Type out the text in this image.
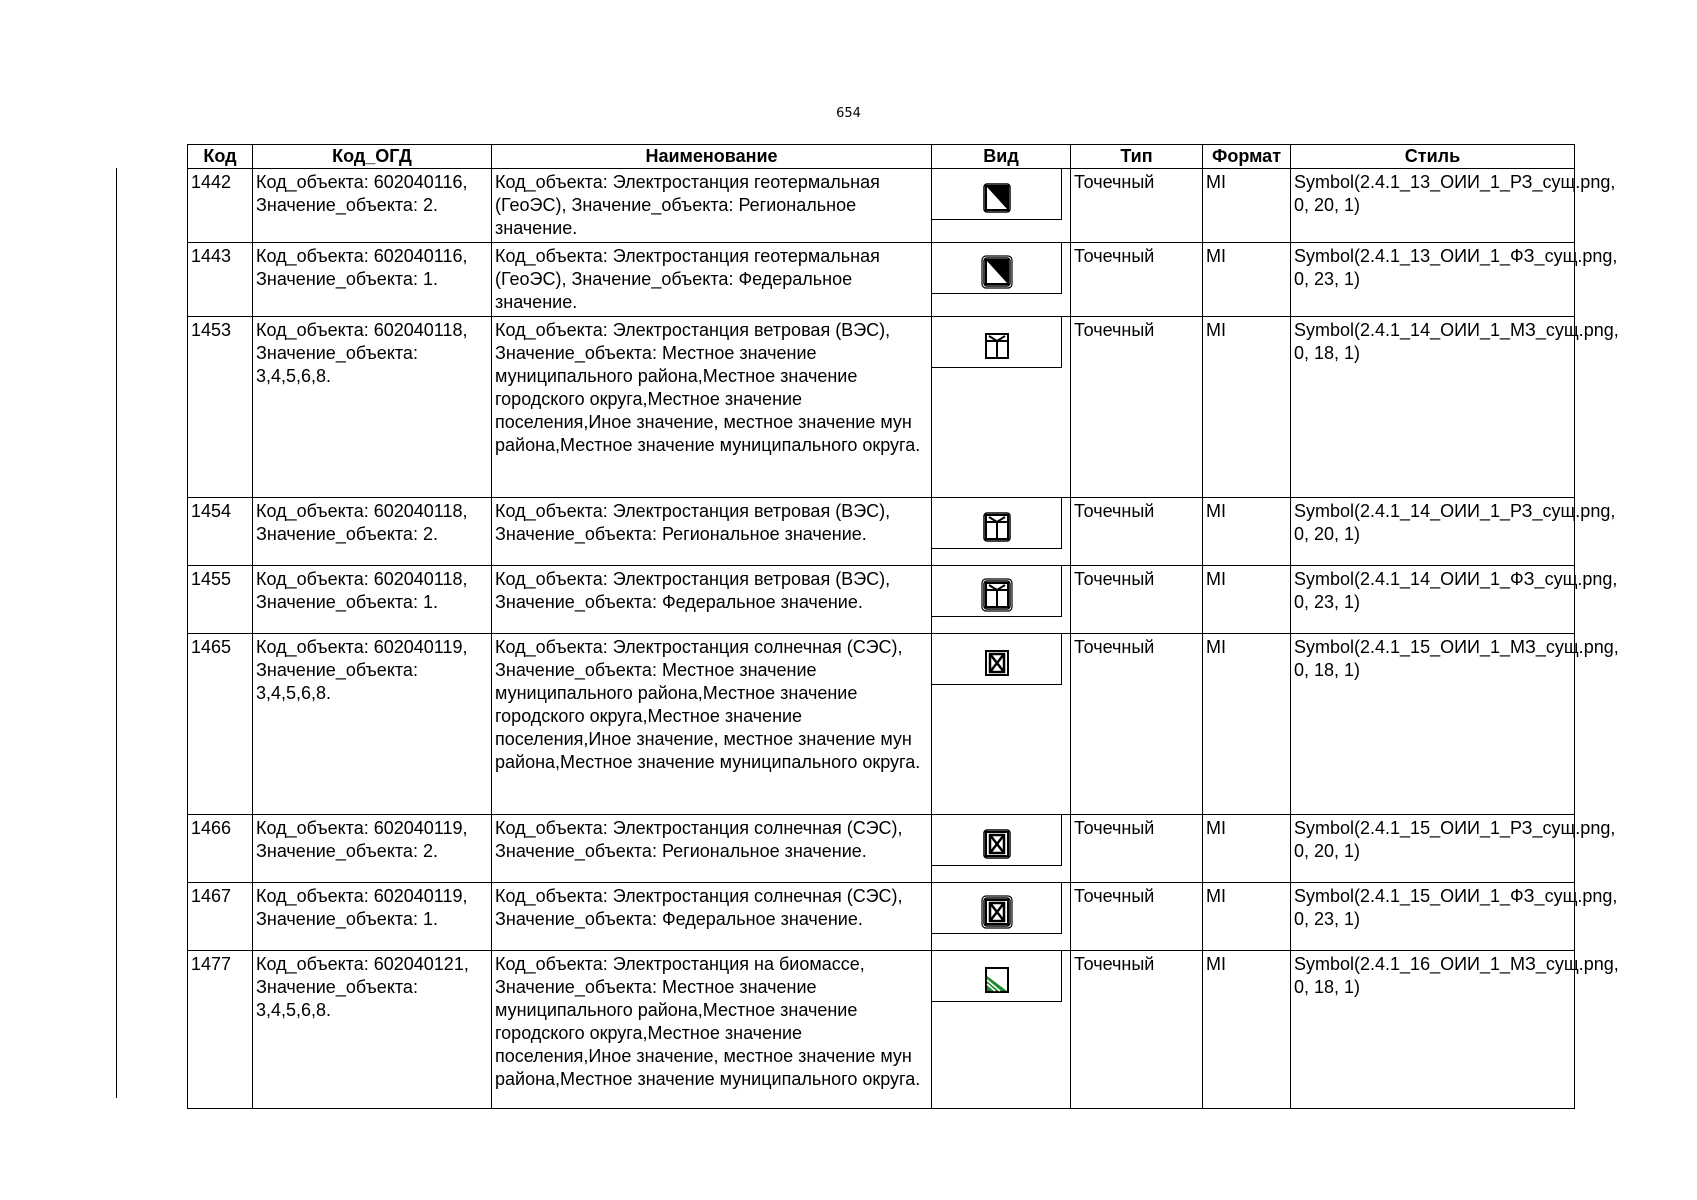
654
Код	Код_ОГД	Наименование	Вид	Тип	Формат	Стиль
1442	Код_объекта: 602040116, Значение_объекта: 2.	Код_объекта: Электростанция геотермальная (ГеоЭС), Значение_объекта: Региональное значение.		Точечный	MI	Symbol(2.4.1_13_ОИИ_1_РЗ_сущ.png, 0, 20, 1)
1443	Код_объекта: 602040116, Значение_объекта: 1.	Код_объекта: Электростанция геотермальная (ГеоЭС), Значение_объекта: Федеральное значение.		Точечный	MI	Symbol(2.4.1_13_ОИИ_1_ФЗ_сущ.png, 0, 23, 1)
1453	Код_объекта: 602040118, Значение_объекта: 3,4,5,6,8.	Код_объекта: Электростанция ветровая (ВЭС), Значение_объекта: Местное значение муниципального района,Местное значение городского округа,Местное значение поселения,Иное значение, местное значение мун района,Местное значение муниципального округа.		Точечный	MI	Symbol(2.4.1_14_ОИИ_1_МЗ_сущ.png, 0, 18, 1)
1454	Код_объекта: 602040118, Значение_объекта: 2.	Код_объекта: Электростанция ветровая (ВЭС), Значение_объекта: Региональное значение.		Точечный	MI	Symbol(2.4.1_14_ОИИ_1_РЗ_сущ.png, 0, 20, 1)
1455	Код_объекта: 602040118, Значение_объекта: 1.	Код_объекта: Электростанция ветровая (ВЭС), Значение_объекта: Федеральное значение.		Точечный	MI	Symbol(2.4.1_14_ОИИ_1_ФЗ_сущ.png, 0, 23, 1)
1465	Код_объекта: 602040119, Значение_объекта: 3,4,5,6,8.	Код_объекта: Электростанция солнечная (СЭС), Значение_объекта: Местное значение муниципального района,Местное значение городского округа,Местное значение поселения,Иное значение, местное значение мун района,Местное значение муниципального округа.		Точечный	MI	Symbol(2.4.1_15_ОИИ_1_МЗ_сущ.png, 0, 18, 1)
1466	Код_объекта: 602040119, Значение_объекта: 2.	Код_объекта: Электростанция солнечная (СЭС), Значение_объекта: Региональное значение.		Точечный	MI	Symbol(2.4.1_15_ОИИ_1_РЗ_сущ.png, 0, 20, 1)
1467	Код_объекта: 602040119, Значение_объекта: 1.	Код_объекта: Электростанция солнечная (СЭС), Значение_объекта: Федеральное значение.		Точечный	MI	Symbol(2.4.1_15_ОИИ_1_ФЗ_сущ.png, 0, 23, 1)
1477	Код_объекта: 602040121, Значение_объекта: 3,4,5,6,8.	Код_объекта: Электростанция на биомассе, Значение_объекта: Местное значение муниципального района,Местное значение городского округа,Местное значение поселения,Иное значение, местное значение мун района,Местное значение муниципального округа.		Точечный	MI	Symbol(2.4.1_16_ОИИ_1_МЗ_сущ.png, 0, 18, 1)
